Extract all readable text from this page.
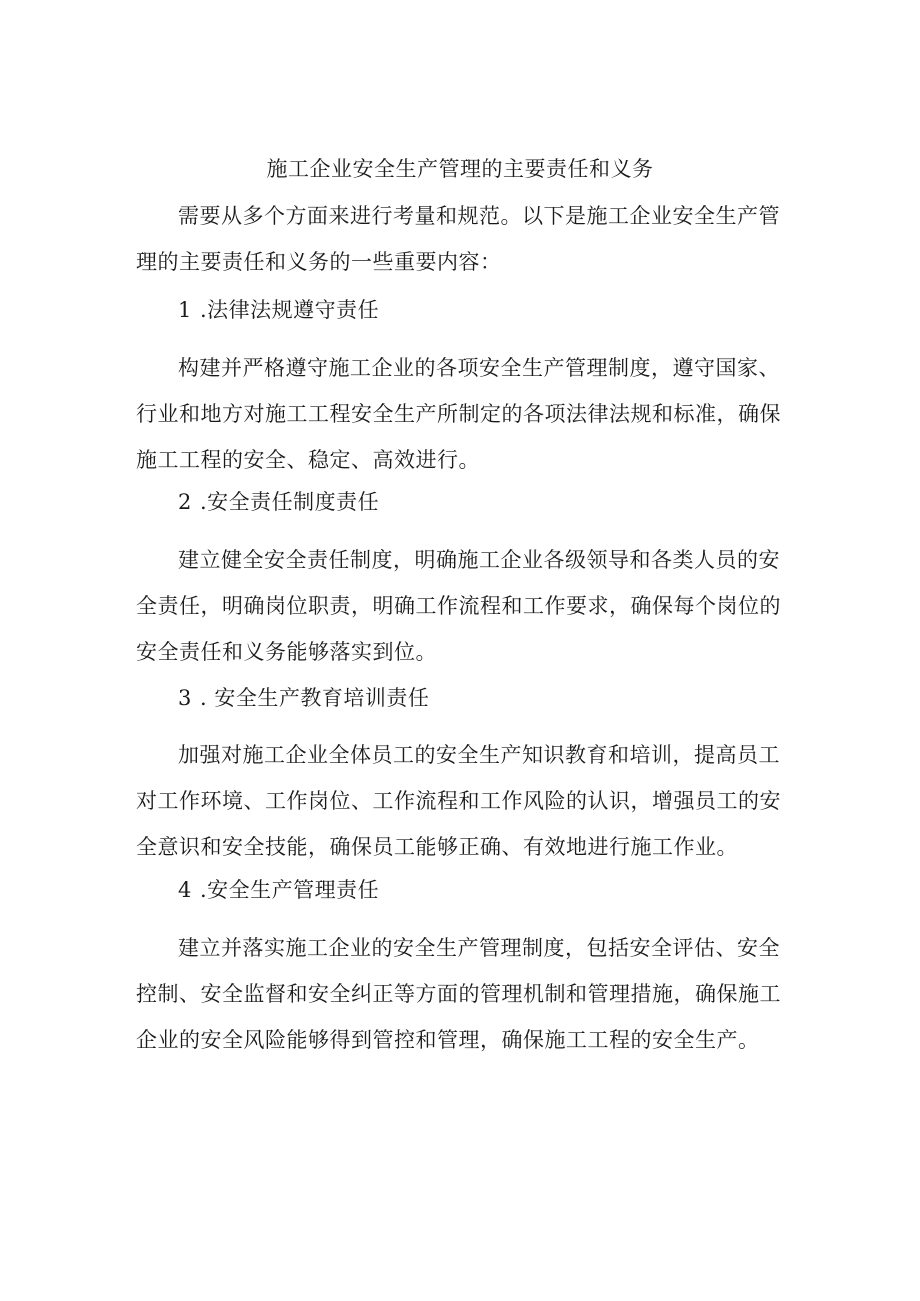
施工企业安全生产管理的主要责任和义务

需要从多个方面来进行考量和规范。以下是施工企业安全生产管理的主要责任和义务的一些重要内容：

1 .法律法规遵守责任

构建并严格遵守施工企业的各项安全生产管理制度，遵守国家、行业和地方对施工工程安全生产所制定的各项法律法规和标准，确保施工工程的安全、稳定、高效进行。

2 .安全责任制度责任

建立健全安全责任制度，明确施工企业各级领导和各类人员的安全责任，明确岗位职责，明确工作流程和工作要求，确保每个岗位的安全责任和义务能够落实到位。

3 . 安全生产教育培训责任

加强对施工企业全体员工的安全生产知识教育和培训，提高员工对工作环境、工作岗位、工作流程和工作风险的认识，增强员工的安全意识和安全技能，确保员工能够正确、有效地进行施工作业。

4 .安全生产管理责任

建立并落实施工企业的安全生产管理制度，包括安全评估、安全控制、安全监督和安全纠正等方面的管理机制和管理措施，确保施工企业的安全风险能够得到管控和管理，确保施工工程的安全生产。
